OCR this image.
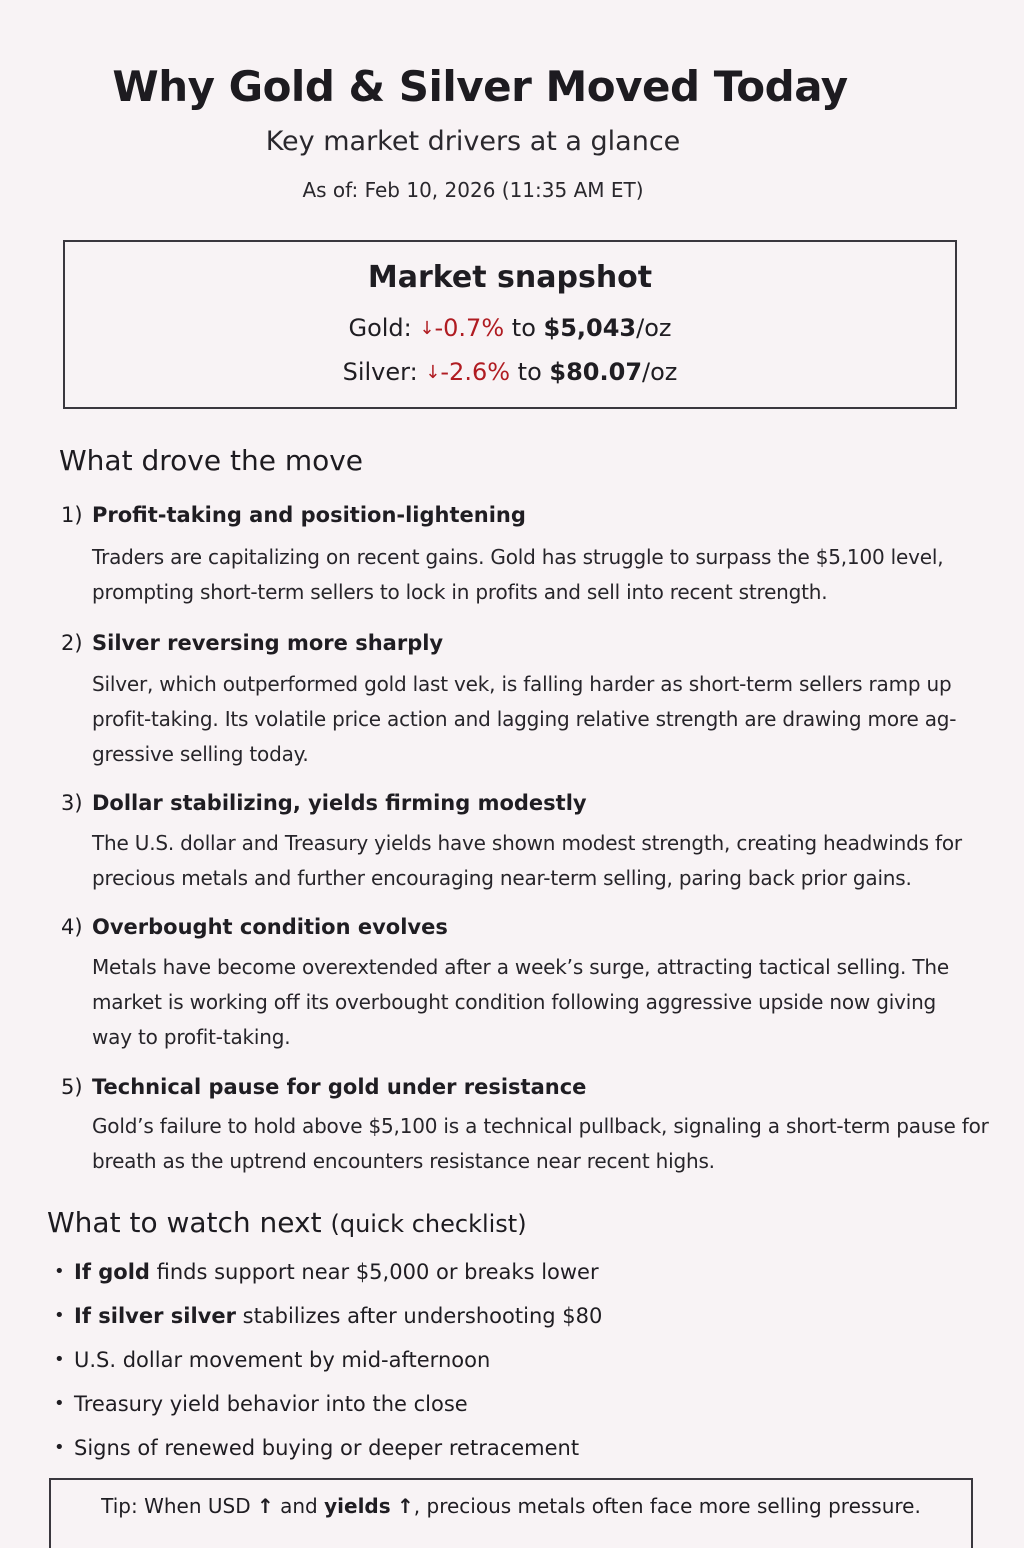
Why Gold & Silver Moved Today
Key market drivers at a glance
As of: Feb 10, 2026 (11:35 AM ET)
Market snapshot
Gold: ↓-0.7% to $5,043/oz
Silver: ↓-2.6% to $80.07/oz
What drove the move
1) Profit-taking and position-lightening
Traders are capitalizing on recent gains. Gold has struggle to surpass the $5,100 level, prompting short-term sellers to lock in profits and sell into recent strength.
2) Silver reversing more sharply
Silver, which outperformed gold last vek, is falling harder as short-term sellers ramp up profit-taking. Its volatile price action and lagging relative strength are drawing more ag-gressive selling today.
3) Dollar stabilizing, yields firming modestly
The U.S. dollar and Treasury yields have shown modest strength, creating headwinds for precious metals and further encouraging near-term selling, paring back prior gains.
4) Overbought condition evolves
Metals have become overextended after a week’s surge, attracting tactical selling. The market is working off its overbought condition following aggressive upside now giving way to profit-taking.
5) Technical pause for gold under resistance
Gold’s failure to hold above $5,100 is a technical pullback, signaling a short-term pause for breath as the uptrend encounters resistance near recent highs.
What to watch next (quick checklist)
• If gold finds support near $5,000 or breaks lower
• If silver silver stabilizes after undershooting $80
• U.S. dollar movement by mid-afternoon
• Treasury yield behavior into the close
• Signs of renewed buying or deeper retracement
Tip: When USD ↑ and yields ↑, precious metals often face more selling pressure.
